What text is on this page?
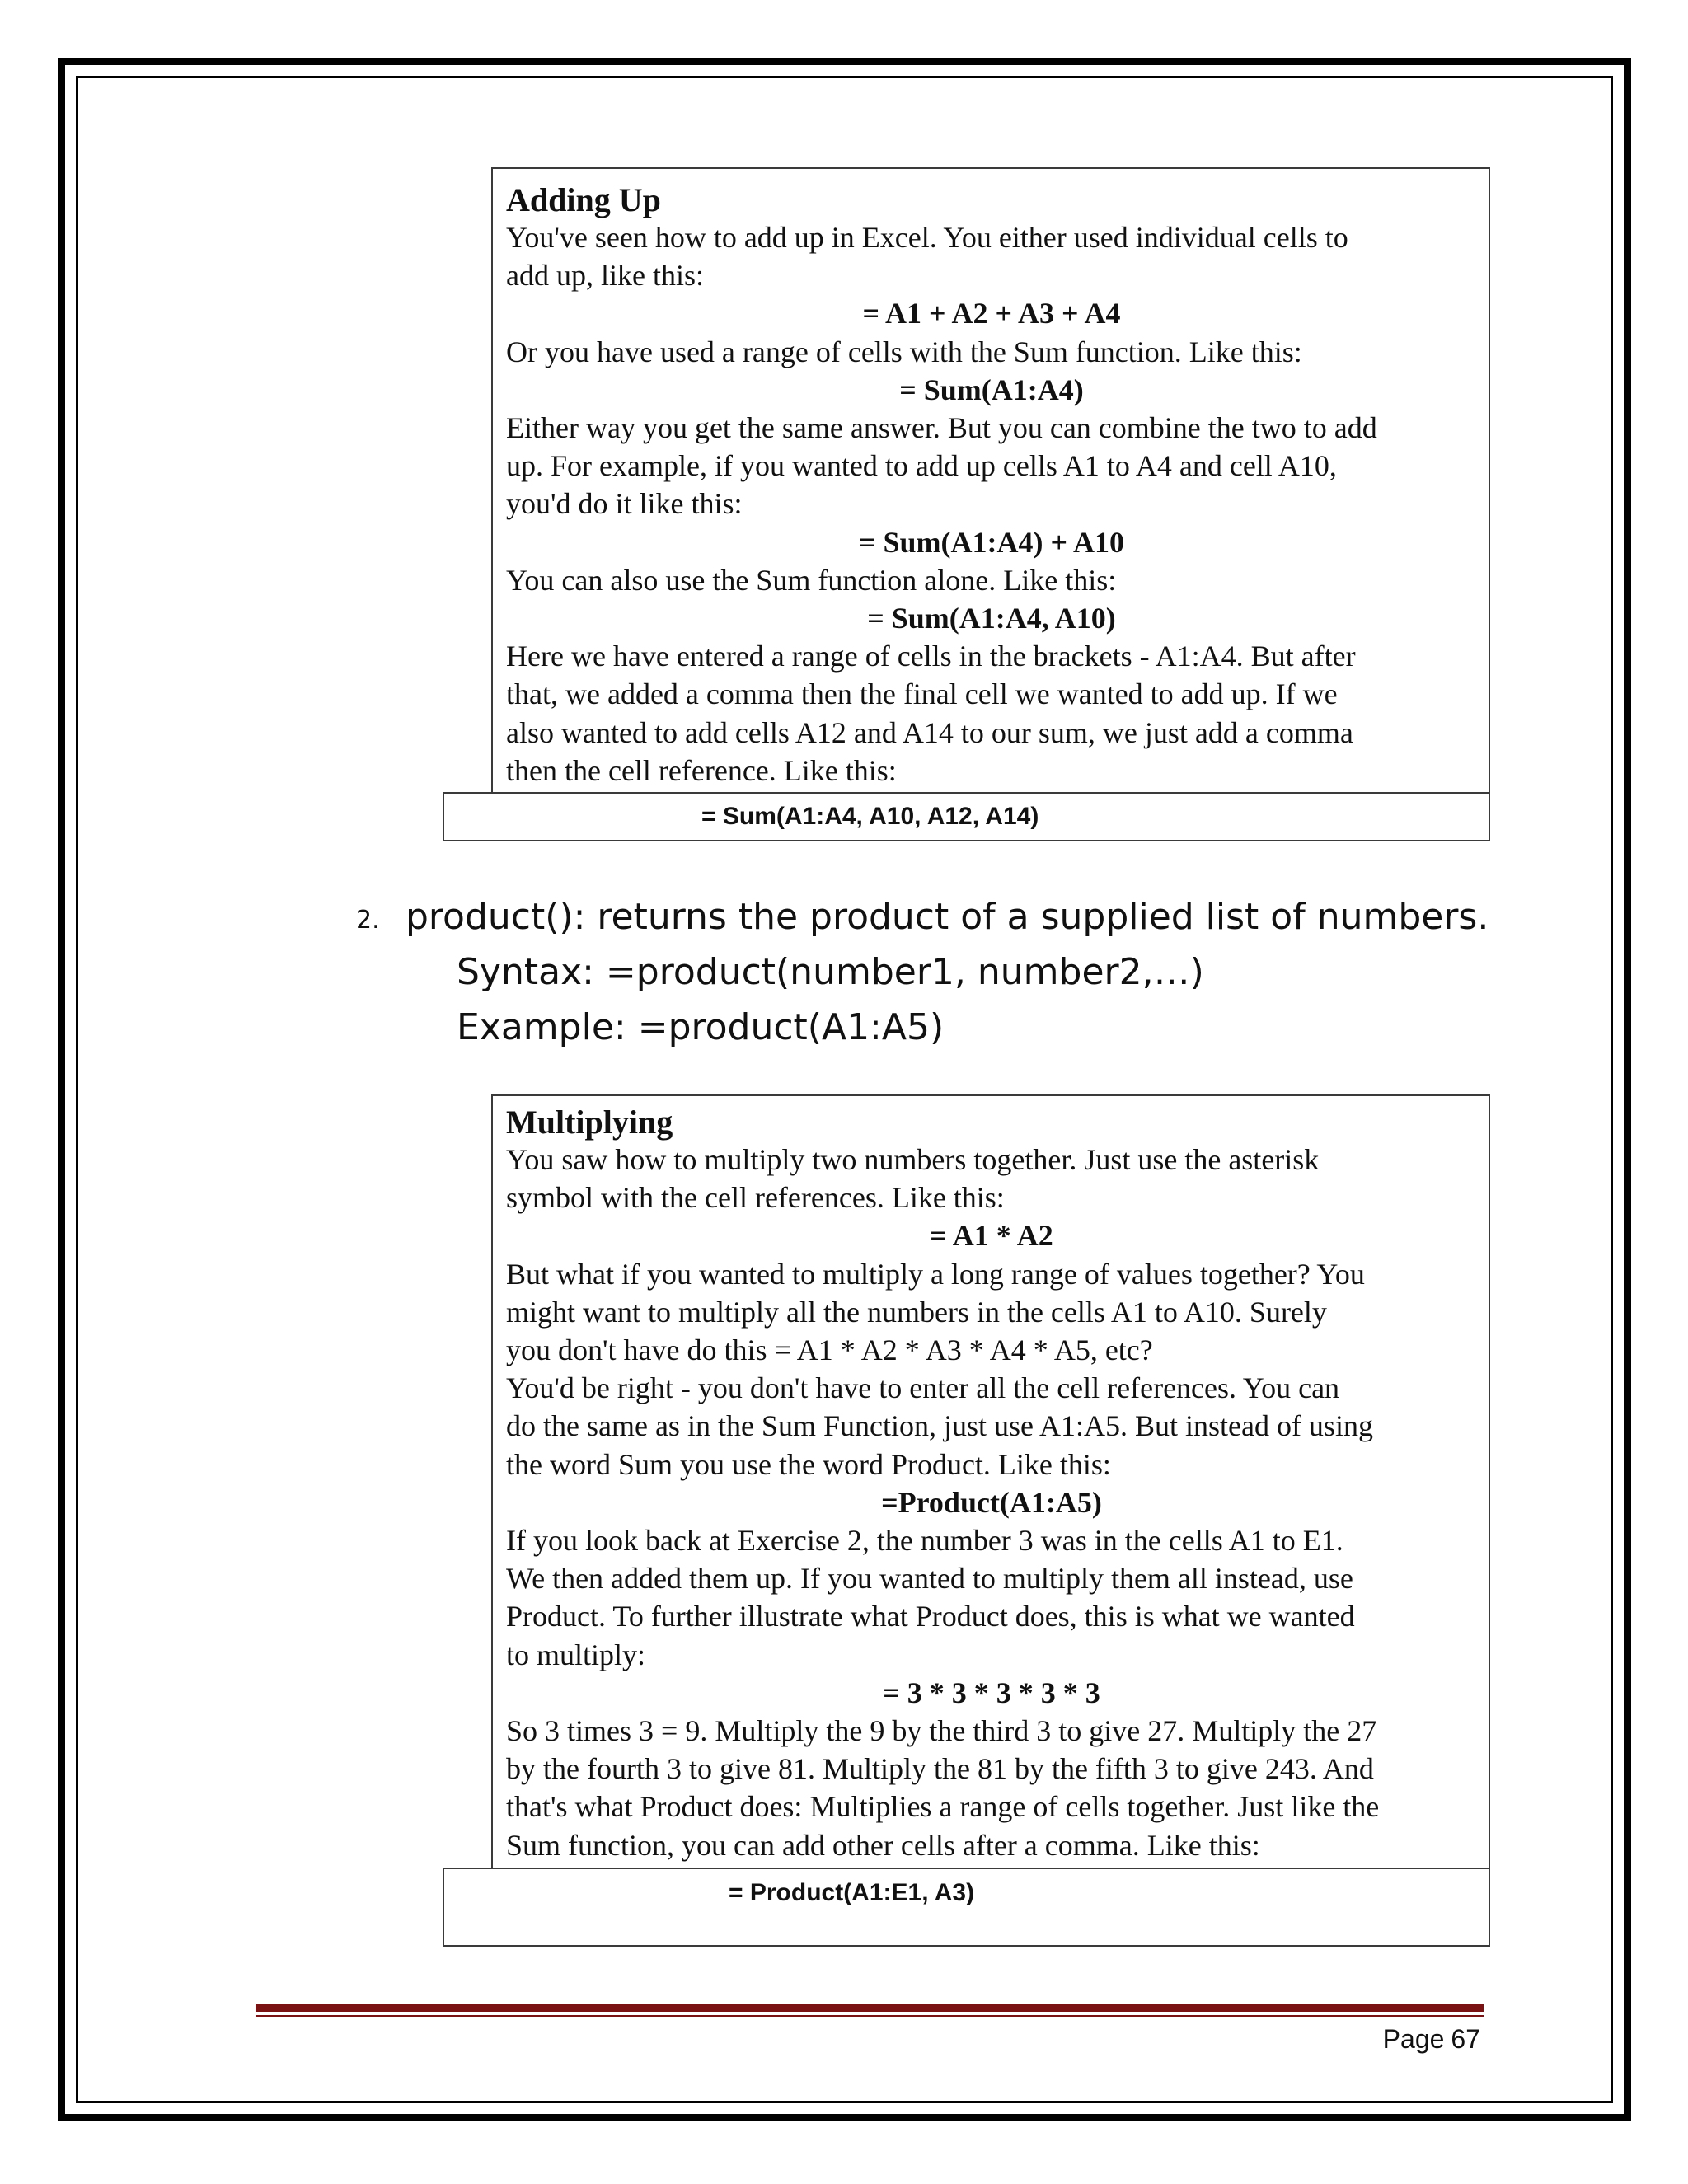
Adding Up

You've seen how to add up in Excel. You either used individual cells to

add up, like this:

= A1 + A2 + A3 + A4

Or you have used a range of cells with the Sum function. Like this:

= Sum(A1:A4)

Either way you get the same answer. But you can combine the two to add

up. For example, if you wanted to add up cells A1 to A4 and cell A10,

you'd do it like this:

= Sum(A1:A4) + A10

You can also use the Sum function alone. Like this:

= Sum(A1:A4, A10)

Here we have entered a range of cells in the brackets - A1:A4. But after

that, we added a comma then the final cell we wanted to add up. If we

also wanted to add cells A12 and A14 to our sum, we just add a comma

then the cell reference. Like this:

= Sum(A1:A4, A10, A12, A14)
2. product(): returns the product of a supplied list of numbers.
Syntax: =product(number1, number2,…)
Example: =product(A1:A5)

Multiplying

You saw how to multiply two numbers together. Just use the asterisk

symbol with the cell references. Like this:

= A1 * A2

But what if you wanted to multiply a long range of values together? You

might want to multiply all the numbers in the cells A1 to A10. Surely

you don't have do this = A1 * A2 * A3 * A4 * A5, etc?

You'd be right - you don't have to enter all the cell references. You can

do the same as in the Sum Function, just use A1:A5. But instead of using

the word Sum you use the word Product. Like this:

=Product(A1:A5)

If you look back at Exercise 2, the number 3 was in the cells A1 to E1.

We then added them up. If you wanted to multiply them all instead, use

Product. To further illustrate what Product does, this is what we wanted

to multiply:

= 3 * 3 * 3 * 3 * 3

So 3 times 3 = 9. Multiply the 9 by the third 3 to give 27. Multiply the 27

by the fourth 3 to give 81. Multiply the 81 by the fifth 3 to give 243. And

that's what Product does: Multiplies a range of cells together. Just like the

Sum function, you can add other cells after a comma. Like this:

= Product(A1:E1, A3)
Page 67
